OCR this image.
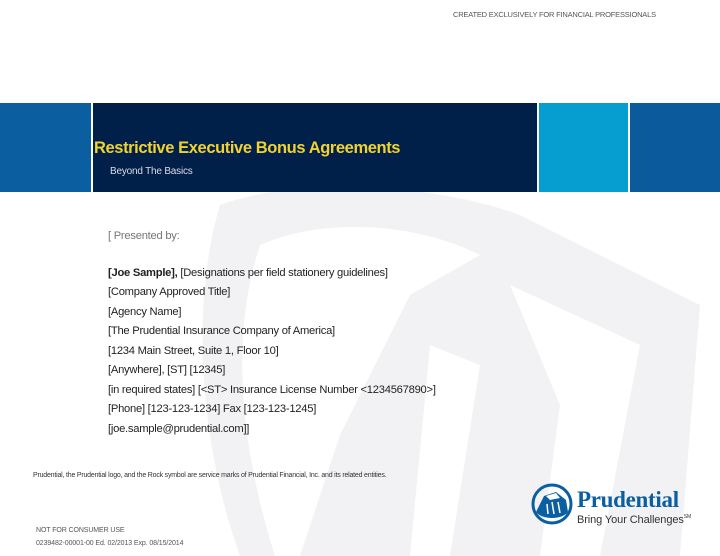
CREATED EXCLUSIVELY FOR FINANCIAL PROFESSIONALS
Restrictive Executive Bonus Agreements
Beyond The Basics
[ Presented by:
[Joe Sample], [Designations per field stationery guidelines]
[Company Approved Title]
[Agency Name]
[The Prudential Insurance Company of America]
[1234 Main Street, Suite 1, Floor 10]
[Anywhere], [ST] [12345]
[in required states] [<ST> Insurance License Number <1234567890>]
[Phone] [123-123-1234] Fax [123-123-1245]
[joe.sample@prudential.com]]
Prudential, the Prudential logo, and the Rock symbol are service marks of Prudential Financial, Inc. and its related entities.
NOT FOR CONSUMER USE
0239482-00001-00 Ed. 02/2013 Exp. 08/15/2014
Prudential
Bring Your Challenges℠
